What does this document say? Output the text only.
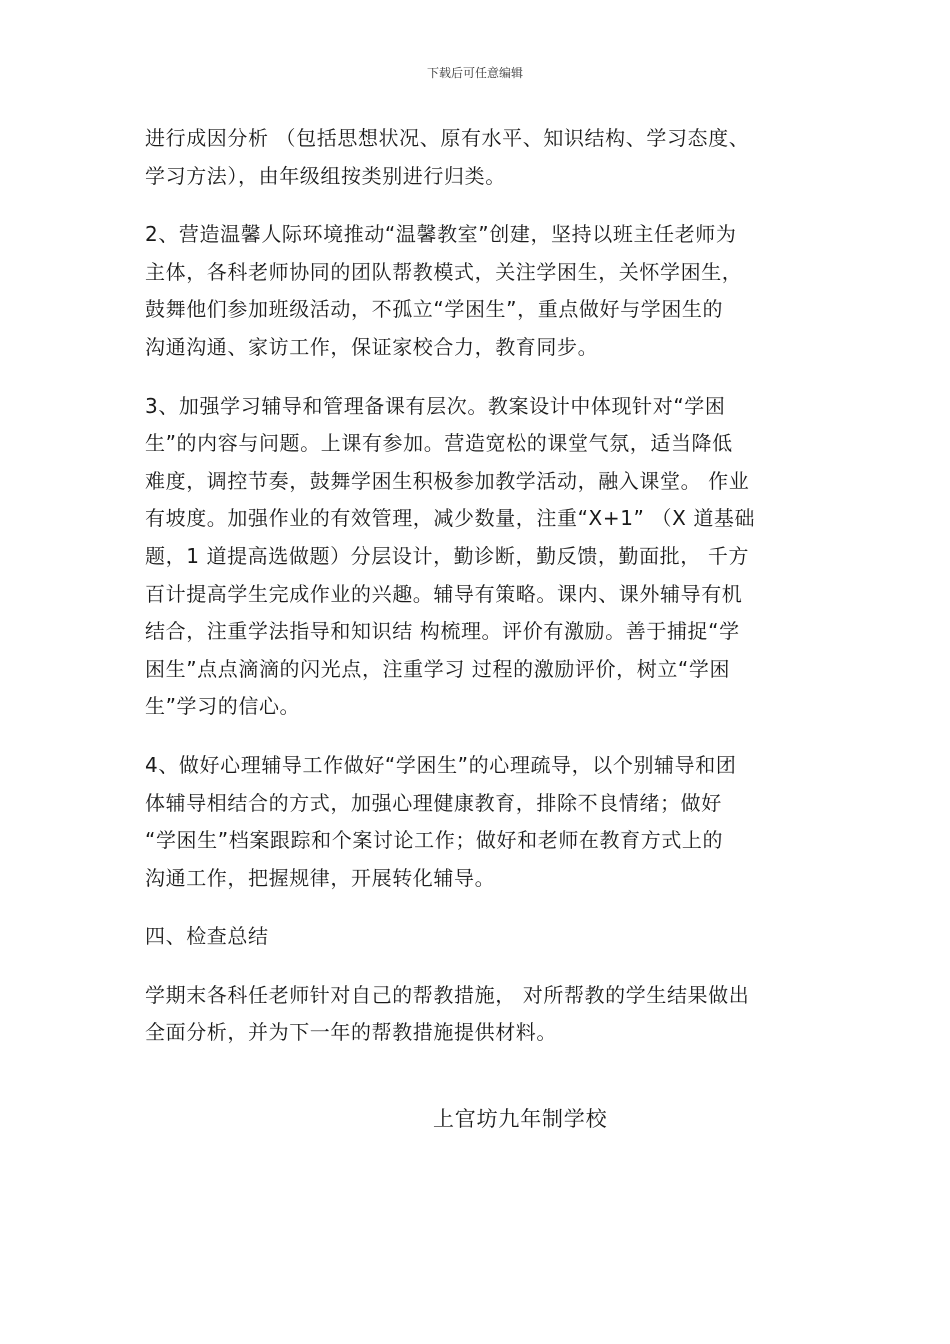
下载后可任意编辑

进行成因分析 （包括思想状况、原有水平、知识结构、学习态度、
学习方法），由年级组按类别进行归类。

2、营造温馨人际环境推动“温馨教室”创建，坚持以班主任老师为
主体，各科老师协同的团队帮教模式，关注学困生，关怀学困生，
鼓舞他们参加班级活动，不孤立“学困生”，重点做好与学困生的
沟通沟通、家访工作，保证家校合力，教育同步。

3、加强学习辅导和管理备课有层次。教案设计中体现针对“学困
生”的内容与问题。上课有参加。营造宽松的课堂气氛，适当降低
难度，调控节奏，鼓舞学困生积极参加教学活动，融入课堂。 作业
有坡度。加强作业的有效管理，减少数量，注重“X+1” （X 道基础
题，1 道提高选做题）分层设计，勤诊断，勤反馈，勤面批， 千方
百计提高学生完成作业的兴趣。辅导有策略。课内、课外辅导有机
结合，注重学法指导和知识结 构梳理。评价有激励。善于捕捉“学
困生”点点滴滴的闪光点，注重学习 过程的激励评价，树立“学困
生”学习的信心。

4、做好心理辅导工作做好“学困生”的心理疏导，以个别辅导和团
体辅导相结合的方式，加强心理健康教育，排除不良情绪；做好
“学困生”档案跟踪和个案讨论工作；做好和老师在教育方式上的
沟通工作，把握规律，开展转化辅导。

四、检查总结

学期末各科任老师针对自己的帮教措施， 对所帮教的学生结果做出
全面分析，并为下一年的帮教措施提供材料。

上官坊九年制学校
